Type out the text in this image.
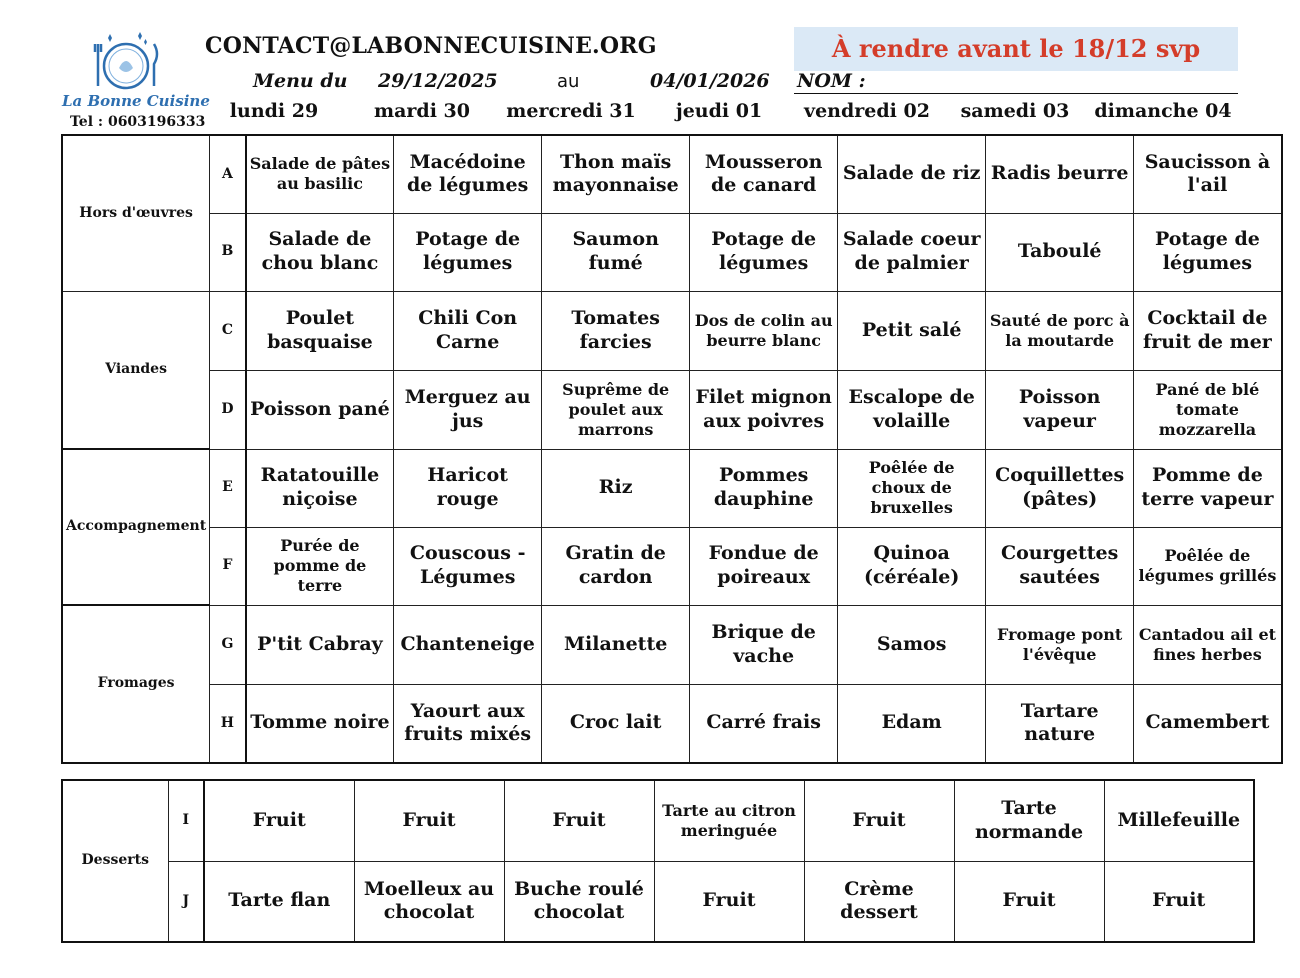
La Bonne Cuisine
Tel : 0603196333
CONTACT@LABONNECUISINE.ORG	À rendre avant le 18/12 svp
Menu du 29/12/2025	au	04/01/2026 NOM :
lundi 29	mardi 30	mercredi 31	jeudi 01	vendredi 02	samedi 03	dimanche 04
Hors d'œuvres	A	Salade de pâtes au basilic	Macédoine de légumes	Thon maïs mayonnaise	Mousseron de canard	Salade de riz	Radis beurre	Saucisson à l'ail
	B	Salade de chou blanc	Potage de légumes	Saumon fumé	Potage de légumes	Salade coeur de palmier	Taboulé	Potage de légumes
Viandes	C	Poulet basquaise	Chili Con Carne	Tomates farcies	Dos de colin au beurre blanc	Petit salé	Sauté de porc à la moutarde	Cocktail de fruit de mer
	D	Poisson pané	Merguez au jus	Suprême de poulet aux marrons	Filet mignon aux poivres	Escalope de volaille	Poisson vapeur	Pané de blé tomate mozzarella
Accompagnement	E	Ratatouille niçoise	Haricot rouge	Riz	Pommes dauphine	Poêlée de choux de bruxelles	Coquillettes (pâtes)	Pomme de terre vapeur
	F	Purée de pomme de terre	Couscous - Légumes	Gratin de cardon	Fondue de poireaux	Quinoa (céréale)	Courgettes sautées	Poêlée de légumes grillés
Fromages	G	P'tit Cabray	Chanteneige	Milanette	Brique de vache	Samos	Fromage pont l'évêque	Cantadou ail et fines herbes
	H	Tomme noire	Yaourt aux fruits mixés	Croc lait	Carré frais	Edam	Tartare nature	Camembert
Desserts	I	Fruit	Fruit	Fruit	Tarte au citron meringuée	Fruit	Tarte normande	Millefeuille
	J	Tarte flan	Moelleux au chocolat	Buche roulé chocolat	Fruit	Crème dessert	Fruit	Fruit
